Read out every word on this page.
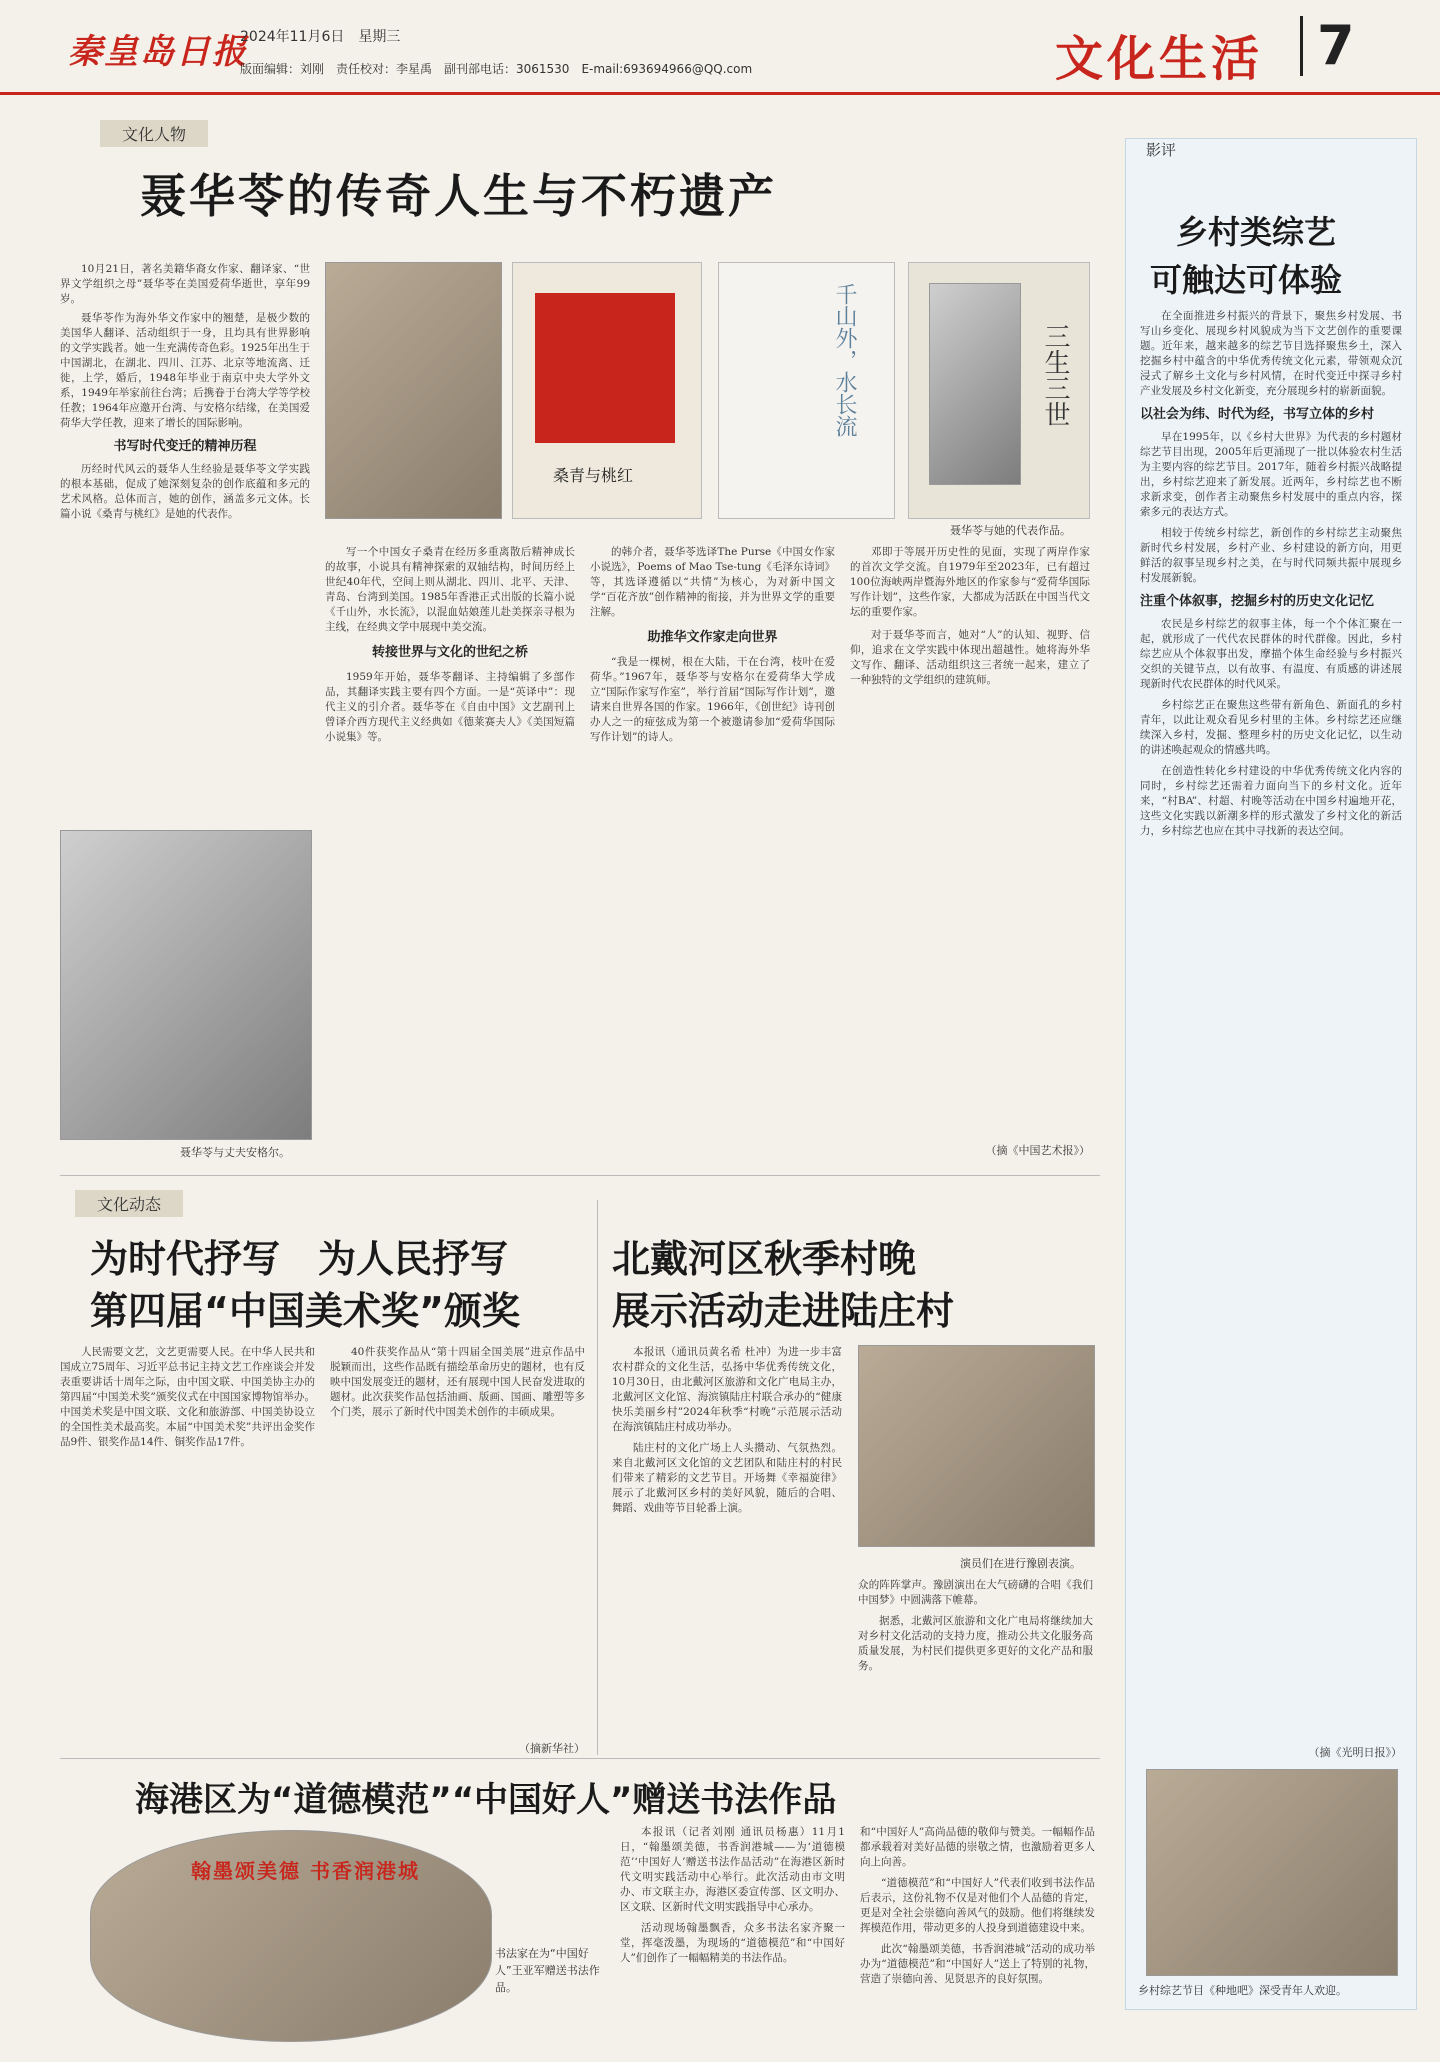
秦皇岛日报
2024年11月6日　星期三
版面编辑：刘刚　责任校对：李星禹　副刊部电话：3061530　E-mail:693694966@QQ.com	文化生活 7
文化人物
聂华苓的传奇人生与不朽遗产

10月21日，著名美籍华裔女作家、翻译家、“世界文学组织之母”聂华苓在美国爱荷华逝世，享年99岁。

聂华苓作为海外华文作家中的翘楚，是极少数的美国华人翻译、活动组织于一身，且均具有世界影响的文学实践者。她一生充满传奇色彩。1925年出生于中国湖北，在湖北、四川、江苏、北京等地流离、迁徙，上学，婚后，1948年毕业于南京中央大学外文系，1949年举家前往台湾；后携眷于台湾大学等学校任教；1964年应邀开台湾、与安格尔结缘，在美国爱荷华大学任教，迎来了增长的国际影响。

书写时代变迁的精神历程

历经时代风云的聂华人生经验是聂华苓文学实践的根本基础，促成了她深刻复杂的创作底蕴和多元的艺术风格。总体而言，她的创作，涵盖多元文体。长篇小说《桑青与桃红》是她的代表作。

桑青与桃红
千山外，水长流	三生三世
聂华苓与她的代表作品。
聂华苓与丈夫安格尔。

写一个中国女子桑青在经历多重离散后精神成长的故事，小说具有精神探索的双轴结构，时间历经上世纪40年代，空间上则从湖北、四川、北平、天津、青岛、台湾到美国。1985年香港正式出版的长篇小说《千山外，水长流》，以混血姑娘莲儿赴美探亲寻根为主线，在经典文学中展现中美交流。

转接世界与文化的世纪之桥

1959年开始，聂华苓翻译、主持编辑了多部作品，其翻译实践主要有四个方面。一是“英译中”：现代主义的引介者。聂华苓在《自由中国》文艺副刊上曾译介西方现代主义经典如《德莱赛夫人》《美国短篇小说集》等。

的韩介者，聂华苓选译The Purse《中国女作家小说选》，Poems of Mao Tse-tung《毛泽东诗词》等，其选译遵循以“共情”为核心，为对新中国文学“百花齐放”创作精神的衔接，并为世界文学的重要注解。

助推华文作家走向世界

“我是一棵树，根在大陆，干在台湾，枝叶在爱荷华。”1967年，聂华苓与安格尔在爱荷华大学成立“国际作家写作室”，举行首届“国际写作计划”，邀请来自世界各国的作家。1966年，《创世纪》诗刊创办人之一的痖弦成为第一个被邀请参加“爱荷华国际写作计划”的诗人。

邓即于等展开历史性的见面，实现了两岸作家的首次文学交流。自1979年至2023年，已有超过100位海峡两岸暨海外地区的作家参与“爱荷华国际写作计划”，这些作家，大都成为活跃在中国当代文坛的重要作家。

对于聂华苓而言，她对“人”的认知、视野、信仰，追求在文学实践中体现出超越性。她将海外华文写作、翻译、活动组织这三者统一起来，建立了一种独特的文学组织的建筑师。

（摘《中国艺术报》）
文化动态
为时代抒写　为人民抒写
第四届“中国美术奖”颁奖

人民需要文艺，文艺更需要人民。在中华人民共和国成立75周年、习近平总书记主持文艺工作座谈会并发表重要讲话十周年之际，由中国文联、中国美协主办的第四届“中国美术奖”颁奖仪式在中国国家博物馆举办。中国美术奖是中国文联、文化和旅游部、中国美协设立的全国性美术最高奖。本届“中国美术奖”共评出金奖作品9件、银奖作品14件、铜奖作品17件。

40件获奖作品从“第十四届全国美展”进京作品中脱颖而出，这些作品既有描绘革命历史的题材，也有反映中国发展变迁的题材，还有展现中国人民奋发进取的题材。此次获奖作品包括油画、版画、国画、雕塑等多个门类，展示了新时代中国美术创作的丰硕成果。

（摘新华社）
北戴河区秋季村晚
展示活动走进陆庄村

本报讯（通讯员黄名希 杜冲）为进一步丰富农村群众的文化生活，弘扬中华优秀传统文化，10月30日，由北戴河区旅游和文化广电局主办，北戴河区文化馆、海滨镇陆庄村联合承办的“健康快乐美丽乡村”2024年秋季“村晚”示范展示活动在海滨镇陆庄村成功举办。

陆庄村的文化广场上人头攒动、气氛热烈。来自北戴河区文化馆的文艺团队和陆庄村的村民们带来了精彩的文艺节目。开场舞《幸福旋律》展示了北戴河区乡村的美好风貌，随后的合唱、舞蹈、戏曲等节目轮番上演。

演员们在进行豫剧表演。

众的阵阵掌声。豫剧演出在大气磅礴的合唱《我们中国梦》中圆满落下帷幕。

据悉，北戴河区旅游和文化广电局将继续加大对乡村文化活动的支持力度，推动公共文化服务高质量发展，为村民们提供更多更好的文化产品和服务。

海港区为“道德模范”“中国好人”赠送书法作品
翰墨颂美德 书香润港城
书法家在为“中国好人”王亚军赠送书法作品。

本报讯（记者刘刚 通讯员杨惠）11月1日，“翰墨颂美德，书香润港城——为‘道德模范’‘中国好人’赠送书法作品活动”在海港区新时代文明实践活动中心举行。此次活动由市文明办、市文联主办，海港区委宣传部、区文明办、区文联、区新时代文明实践指导中心承办。

活动现场翰墨飘香，众多书法名家齐聚一堂，挥毫泼墨，为现场的“道德模范”和“中国好人”们创作了一幅幅精美的书法作品。

和“中国好人”高尚品德的敬仰与赞美。一幅幅作品都承载着对美好品德的崇敬之情，也激励着更多人向上向善。

“道德模范”和“中国好人”代表们收到书法作品后表示，这份礼物不仅是对他们个人品德的肯定，更是对全社会崇德向善风气的鼓励。他们将继续发挥模范作用，带动更多的人投身到道德建设中来。

此次“翰墨颂美德，书香润港城”活动的成功举办为“道德模范”和“中国好人”送上了特别的礼物，营造了崇德向善、见贤思齐的良好氛围。

影评
乡村类综艺
可触达可体验

在全面推进乡村振兴的背景下，聚焦乡村发展、书写山乡变化、展现乡村风貌成为当下文艺创作的重要课题。近年来，越来越多的综艺节目选择聚焦乡土，深入挖掘乡村中蕴含的中华优秀传统文化元素，带领观众沉浸式了解乡土文化与乡村风情，在时代变迁中探寻乡村产业发展及乡村文化新变，充分展现乡村的崭新面貌。

以社会为纬、时代为经，书写立体的乡村

早在1995年，以《乡村大世界》为代表的乡村题材综艺节目出现，2005年后更涌现了一批以体验农村生活为主要内容的综艺节目。2017年，随着乡村振兴战略提出，乡村综艺迎来了新发展。近两年，乡村综艺也不断求新求变，创作者主动聚焦乡村发展中的重点内容，探索多元的表达方式。

相较于传统乡村综艺，新创作的乡村综艺主动聚焦新时代乡村发展，乡村产业、乡村建设的新方向，用更鲜活的叙事呈现乡村之美，在与时代同频共振中展现乡村发展新貌。

注重个体叙事，挖掘乡村的历史文化记忆

农民是乡村综艺的叙事主体，每一个个体汇聚在一起，就形成了一代代农民群体的时代群像。因此，乡村综艺应从个体叙事出发，摩描个体生命经验与乡村振兴交织的关键节点，以有故事、有温度、有质感的讲述展现新时代农民群体的时代风采。

乡村综艺正在聚焦这些带有新角色、新面孔的乡村青年，以此让观众看见乡村里的主体。乡村综艺还应继续深入乡村，发掘、整理乡村的历史文化记忆，以生动的讲述唤起观众的情感共鸣。

在创造性转化乡村建设的中华优秀传统文化内容的同时，乡村综艺还需着力面向当下的乡村文化。近年来，“村BA”、村超、村晚等活动在中国乡村遍地开花，这些文化实践以新潮多样的形式激发了乡村文化的新活力，乡村综艺也应在其中寻找新的表达空间。

（摘《光明日报》）
乡村综艺节目《种地吧》深受青年人欢迎。
